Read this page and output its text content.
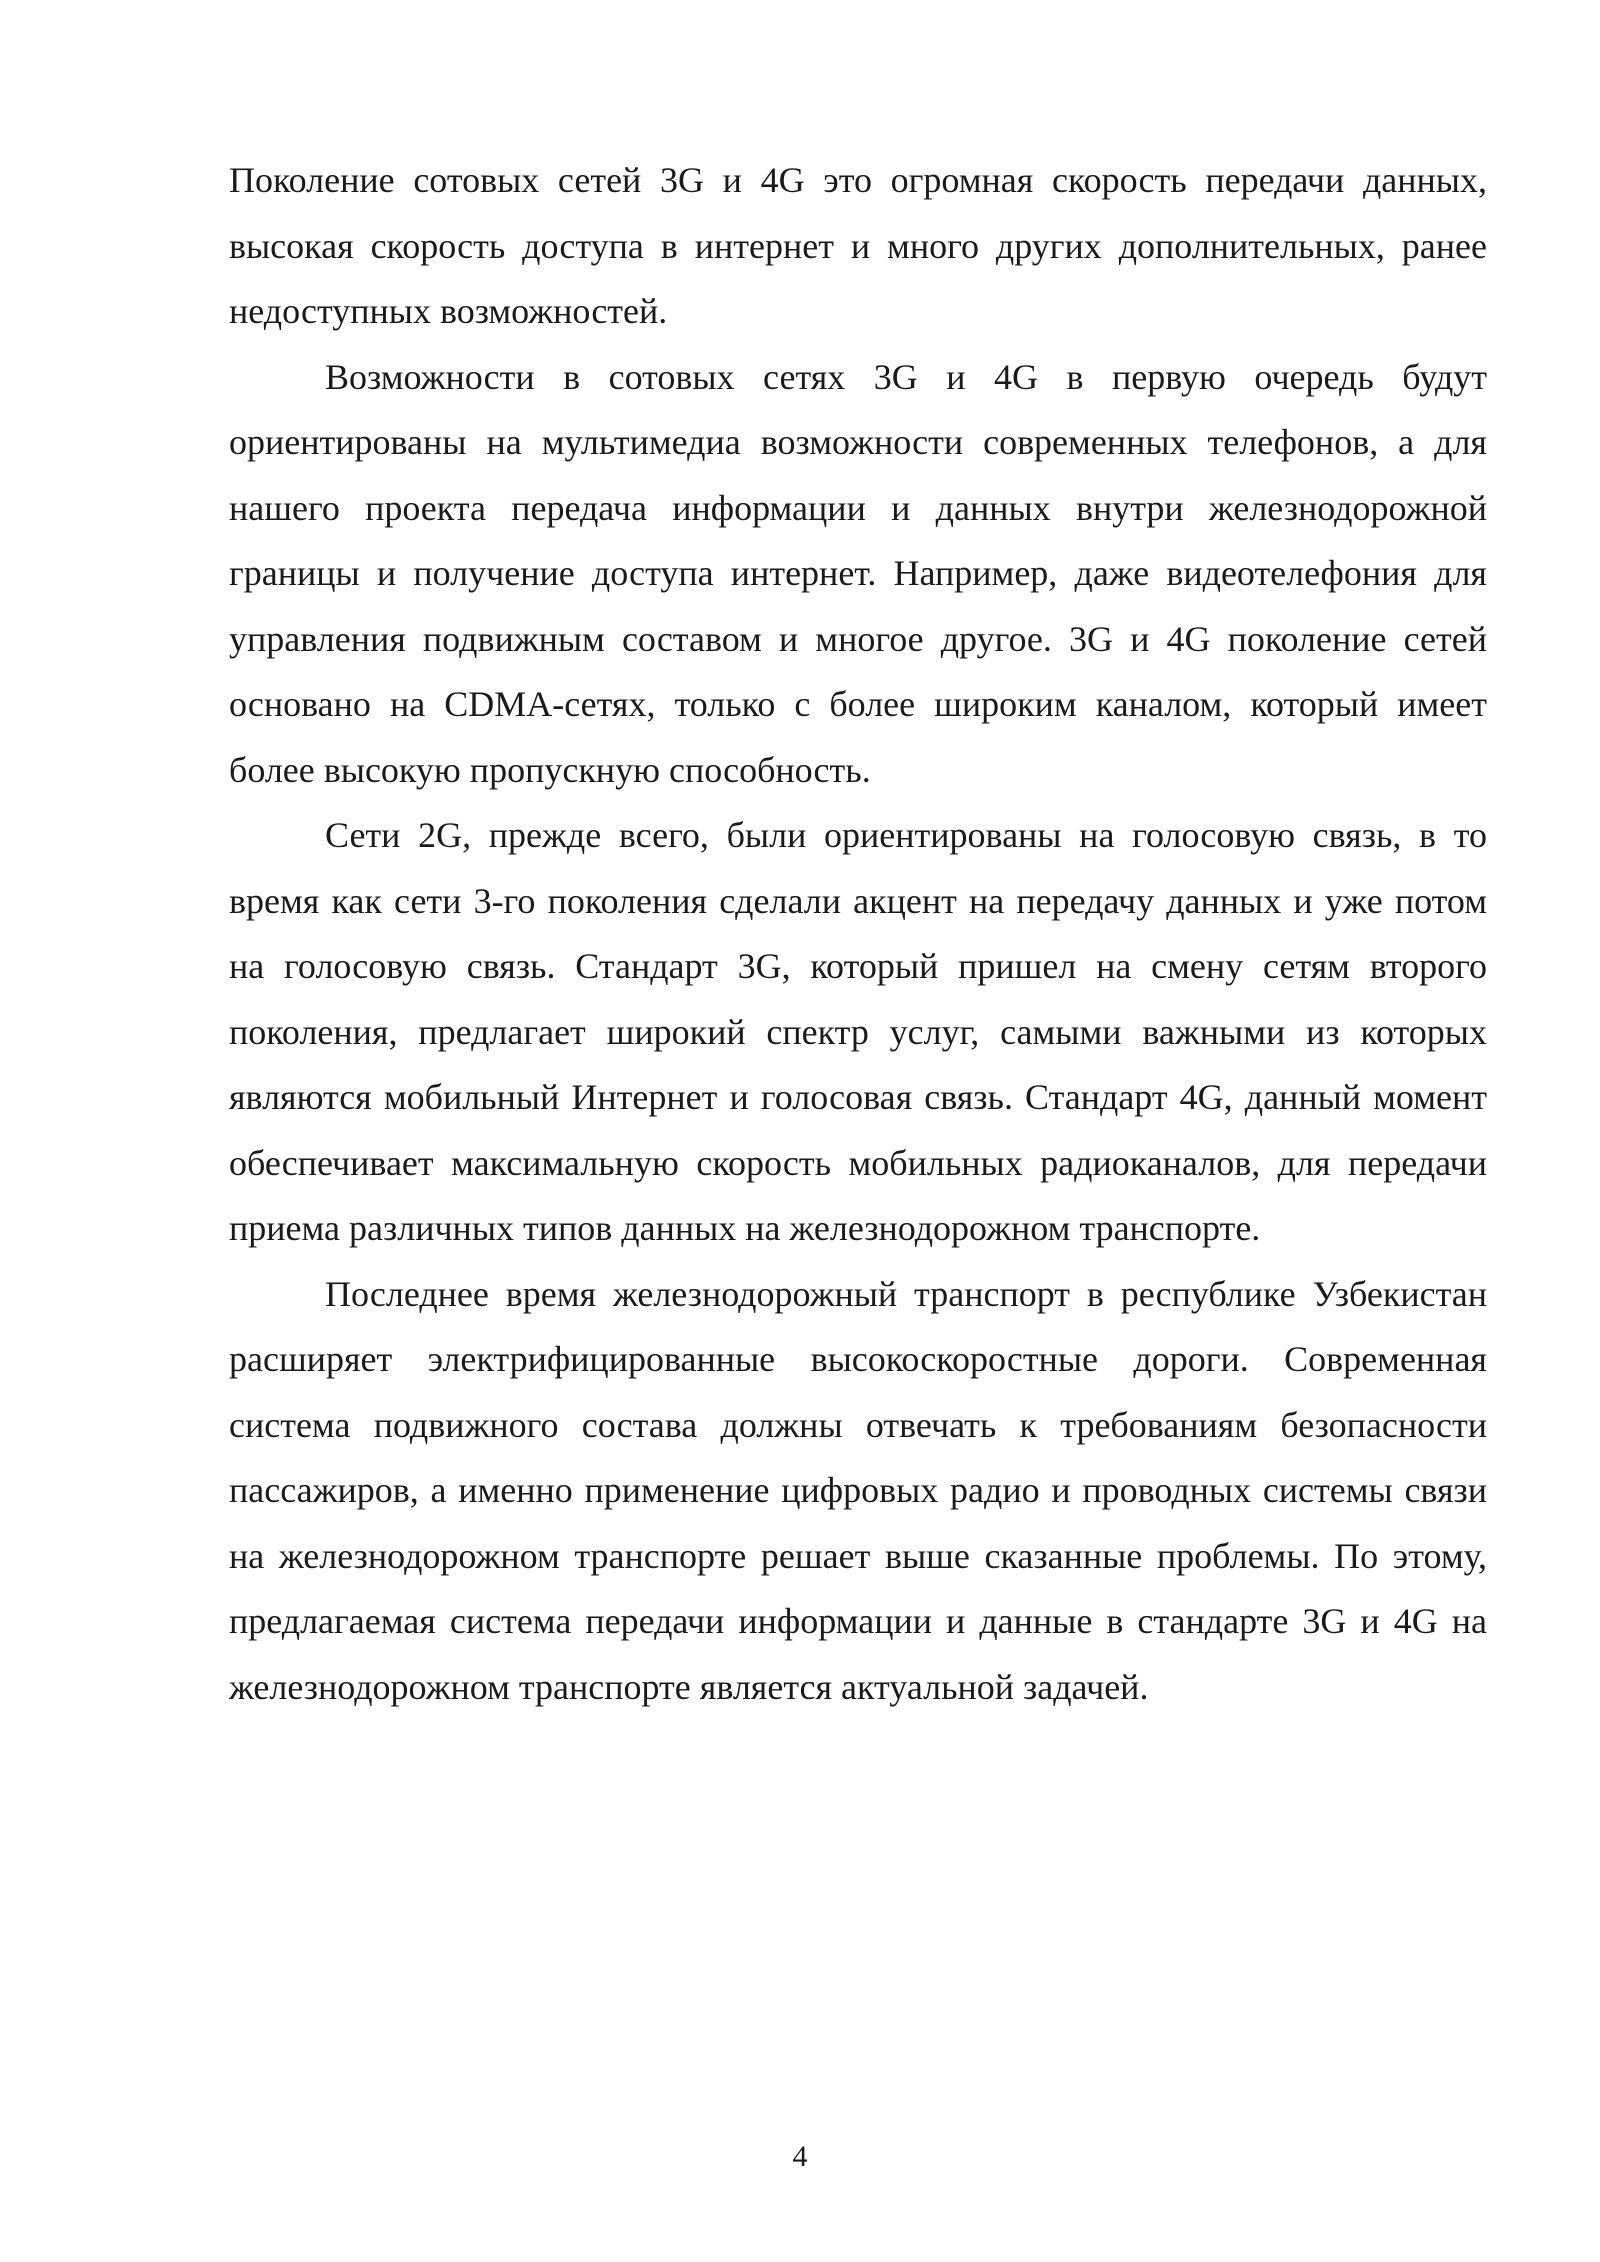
Поколение сотовых сетей 3G и 4G это огромная скорость передачи данных, высокая скорость доступа в интернет и много других дополнительных, ранее недоступных возможностей.

Возможности в сотовых сетях 3G и 4G в первую очередь будут ориентированы на мультимедиа возможности современных телефонов, а для нашего проекта передача информации и данных внутри железнодорожной границы и получение доступа интернет. Например, даже видеотелефония для управления подвижным составом и многое другое. 3G и 4G поколение сетей основано на CDMA-сетях, только с более широким каналом, который имеет более высокую пропускную способность.

Сети 2G, прежде всего, были ориентированы на голосовую связь, в то время как сети 3-го поколения сделали акцент на передачу данных и уже потом на голосовую связь. Стандарт 3G, который пришел на смену сетям второго поколения, предлагает широкий спектр услуг, самыми важными из которых являются мобильный Интернет и голосовая связь. Стандарт 4G, данный момент обеспечивает максимальную скорость мобильных радиоканалов, для передачи приема различных типов данных на железнодорожном транспорте.

Последнее время железнодорожный транспорт в республике Узбекистан расширяет электрифицированные высокоскоростные дороги. Современная система подвижного состава должны отвечать к требованиям безопасности пассажиров, а именно применение цифровых радио и проводных системы связи на железнодорожном транспорте решает выше сказанные проблемы. По этому, предлагаемая система передачи информации и данные в стандарте 3G и 4G на железнодорожном транспорте является актуальной задачей.

4
